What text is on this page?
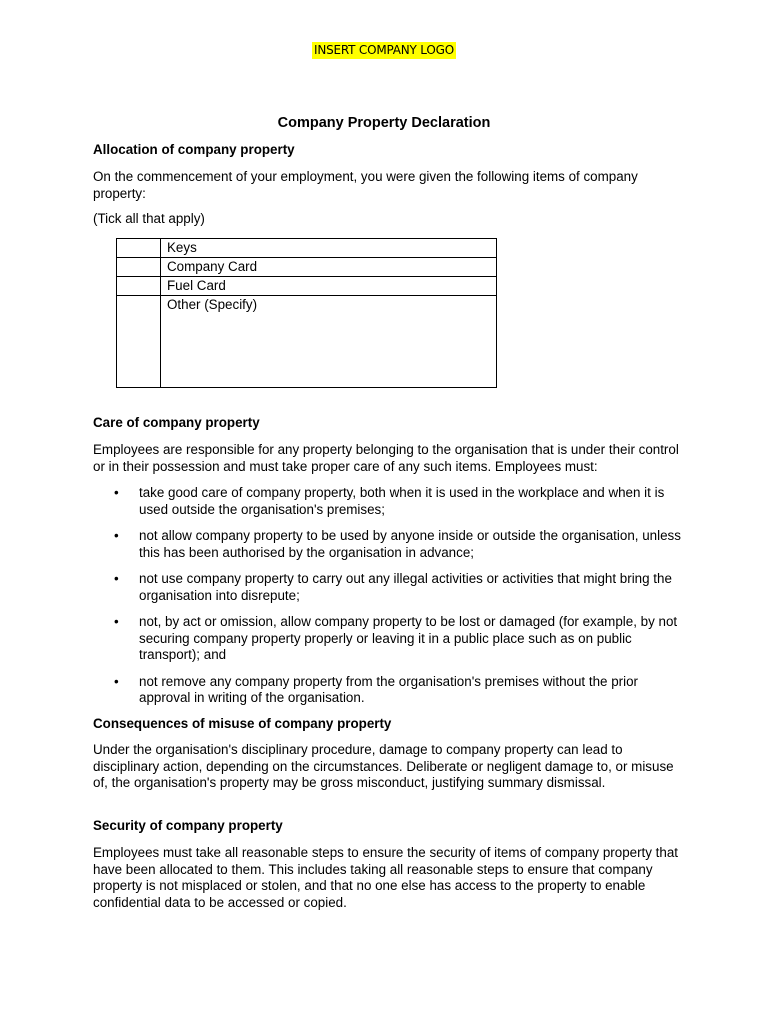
INSERT COMPANY LOGO
Company Property Declaration
Allocation of company property
On the commencement of your employment, you were given the following items of company property:
(Tick all that apply)
	Keys
	Company Card
	Fuel Card
	Other (Specify)
Care of company property
Employees are responsible for any property belonging to the organisation that is under their control or in their possession and must take proper care of any such items. Employees must:
• take good care of company property, both when it is used in the workplace and when it is used outside the organisation's premises;
• not allow company property to be used by anyone inside or outside the organisation, unless this has been authorised by the organisation in advance;
• not use company property to carry out any illegal activities or activities that might bring the organisation into disrepute;
• not, by act or omission, allow company property to be lost or damaged (for example, by not securing company property properly or leaving it in a public place such as on public transport); and
• not remove any company property from the organisation's premises without the prior approval in writing of the organisation.
Consequences of misuse of company property
Under the organisation's disciplinary procedure, damage to company property can lead to disciplinary action, depending on the circumstances. Deliberate or negligent damage to, or misuse of, the organisation's property may be gross misconduct, justifying summary dismissal.
Security of company property
Employees must take all reasonable steps to ensure the security of items of company property that have been allocated to them. This includes taking all reasonable steps to ensure that company property is not misplaced or stolen, and that no one else has access to the property to enable confidential data to be accessed or copied.
